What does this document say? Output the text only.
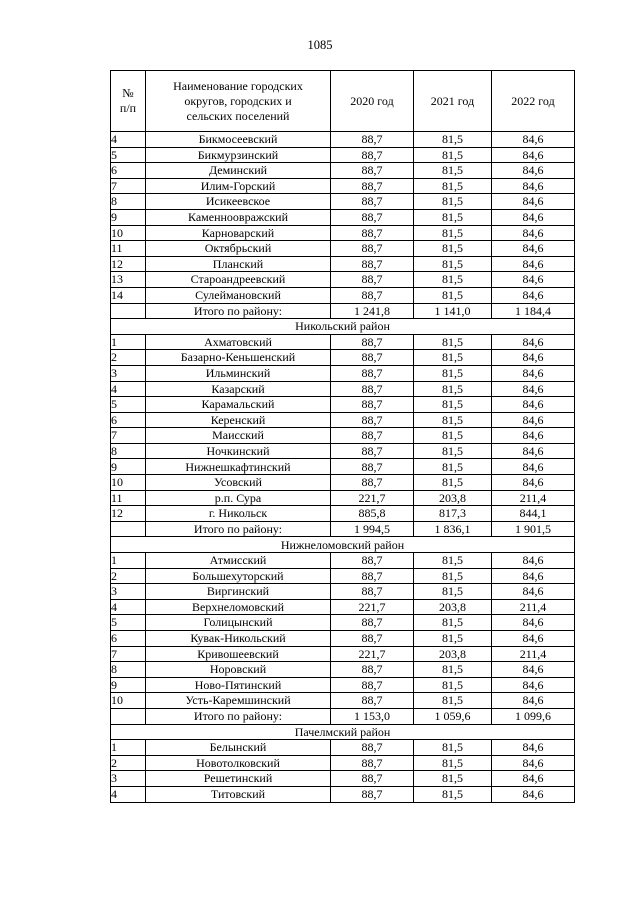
1085
№
п/п	Наименование городских округов, городских и сельских поселений	2020 год	2021 год	2022 год
4	Бикмосеевский	88,7	81,5	84,6
5	Бикмурзинский	88,7	81,5	84,6
6	Деминский	88,7	81,5	84,6
7	Илим-Горский	88,7	81,5	84,6
8	Исикеевское	88,7	81,5	84,6
9	Каменноовражский	88,7	81,5	84,6
10	Карноварский	88,7	81,5	84,6
11	Октябрьский	88,7	81,5	84,6
12	Планский	88,7	81,5	84,6
13	Староандреевский	88,7	81,5	84,6
14	Сулеймановский	88,7	81,5	84,6
	Итого по району:	1 241,8	1 141,0	1 184,4
Никольский район				
1	Ахматовский	88,7	81,5	84,6
2	Базарно-Кеньшенский	88,7	81,5	84,6
3	Ильминский	88,7	81,5	84,6
4	Казарский	88,7	81,5	84,6
5	Карамальский	88,7	81,5	84,6
6	Керенский	88,7	81,5	84,6
7	Маисский	88,7	81,5	84,6
8	Ночкинский	88,7	81,5	84,6
9	Нижнешкафтинский	88,7	81,5	84,6
10	Усовский	88,7	81,5	84,6
11	р.п. Сура	221,7	203,8	211,4
12	г. Никольск	885,8	817,3	844,1
	Итого по району:	1 994,5	1 836,1	1 901,5
Нижнеломовский район				
1	Атмисский	88,7	81,5	84,6
2	Большехуторский	88,7	81,5	84,6
3	Виргинский	88,7	81,5	84,6
4	Верхнеломовский	221,7	203,8	211,4
5	Голицынский	88,7	81,5	84,6
6	Кувак-Никольский	88,7	81,5	84,6
7	Кривошеевский	221,7	203,8	211,4
8	Норовский	88,7	81,5	84,6
9	Ново-Пятинский	88,7	81,5	84,6
10	Усть-Каремшинский	88,7	81,5	84,6
	Итого по району:	1 153,0	1 059,6	1 099,6
Пачелмский район				
1	Белынский	88,7	81,5	84,6
2	Новотолковский	88,7	81,5	84,6
3	Решетинский	88,7	81,5	84,6
4	Титовский	88,7	81,5	84,6
